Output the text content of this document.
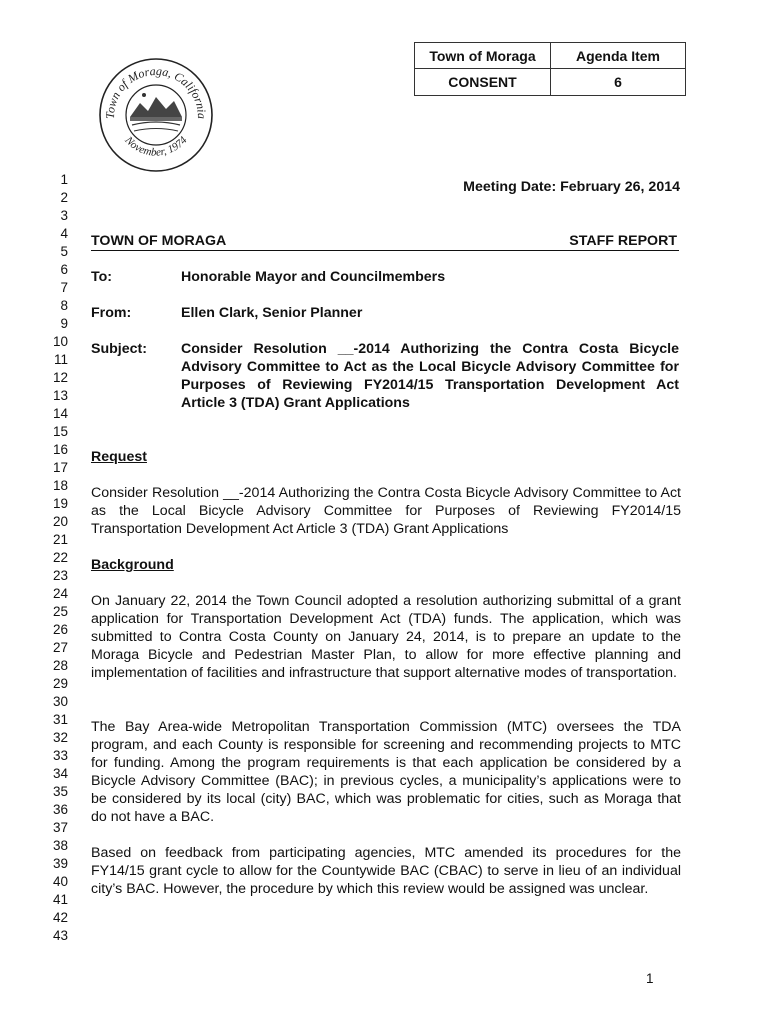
Town of Moraga	Agenda Item
CONSENT	6
Town of Moraga, California
November, 1974
1
2
3
4
5
6
7
8
9
10
11
12
13
14
15
16
17
18
19
20
21
22
23
24
25
26
27
28
29
30
31
32
33
34
35
36
37
38
39
40
41
42
43
Meeting Date: February 26, 2014
TOWN OF MORAGA	STAFF REPORT
To:	Honorable Mayor and Councilmembers
From:	Ellen Clark, Senior Planner
Subject: Consider Resolution __-2014 Authorizing the Contra Costa Bicycle Advisory Committee to Act as the Local Bicycle Advisory Committee for Purposes of Reviewing FY2014/15 Transportation Development Act Article 3 (TDA) Grant Applications
Request
Consider Resolution __-2014 Authorizing the Contra Costa Bicycle Advisory Committee to Act as the Local Bicycle Advisory Committee for Purposes of Reviewing FY2014/15 Transportation Development Act Article 3 (TDA) Grant Applications
Background
On January 22, 2014 the Town Council adopted a resolution authorizing submittal of a grant application for Transportation Development Act (TDA) funds. The application, which was submitted to Contra Costa County on January 24, 2014, is to prepare an update to the Moraga Bicycle and Pedestrian Master Plan, to allow for more effective planning and implementation of facilities and infrastructure that support alternative modes of transportation.
The Bay Area-wide Metropolitan Transportation Commission (MTC) oversees the TDA program, and each County is responsible for screening and recommending projects to MTC for funding. Among the program requirements is that each application be considered by a Bicycle Advisory Committee (BAC); in previous cycles, a municipality’s applications were to be considered by its local (city) BAC, which was problematic for cities, such as Moraga that do not have a BAC.
Based on feedback from participating agencies, MTC amended its procedures for the FY14/15 grant cycle to allow for the Countywide BAC (CBAC) to serve in lieu of an individual city’s BAC. However, the procedure by which this review would be assigned was unclear.
1
